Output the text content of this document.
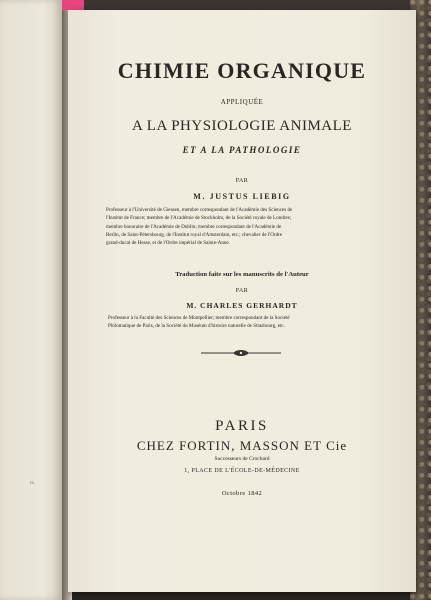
rs.
CHIMIE ORGANIQUE
APPLIQUÉE
A LA PHYSIOLOGIE ANIMALE
ET A LA PATHOLOGIE
PAR
M. JUSTUS LIEBIG
Professeur à l'Université de Giessen, membre correspondant de l'Académie des Sciences de
l'Institut de France; membre de l'Académie de Stockholm, de la Société royale de Londres;
membre honoraire de l'Académie de Dublin; membre correspondant de l'Académie de
Berlin, de Saint-Pétersbourg, de l'Institut royal d'Amsterdam, etc.; chevalier de l'Ordre
grand-ducal de Hesse, et de l'Ordre impérial de Sainte-Anne.
Traduction faite sur les manuscrits de l'Auteur
PAR
M. CHARLES GERHARDT
Professeur à la Faculté des Sciences de Montpellier; membre correspondant de la Société
Philomatique de Paris, de la Société du Muséum d'histoire naturelle de Strasbourg, etc.
PARIS
CHEZ FORTIN, MASSON ET Cie
Successeurs de Crochard
1, PLACE DE L'ÉCOLE-DE-MÉDECINE
Octobre 1842
